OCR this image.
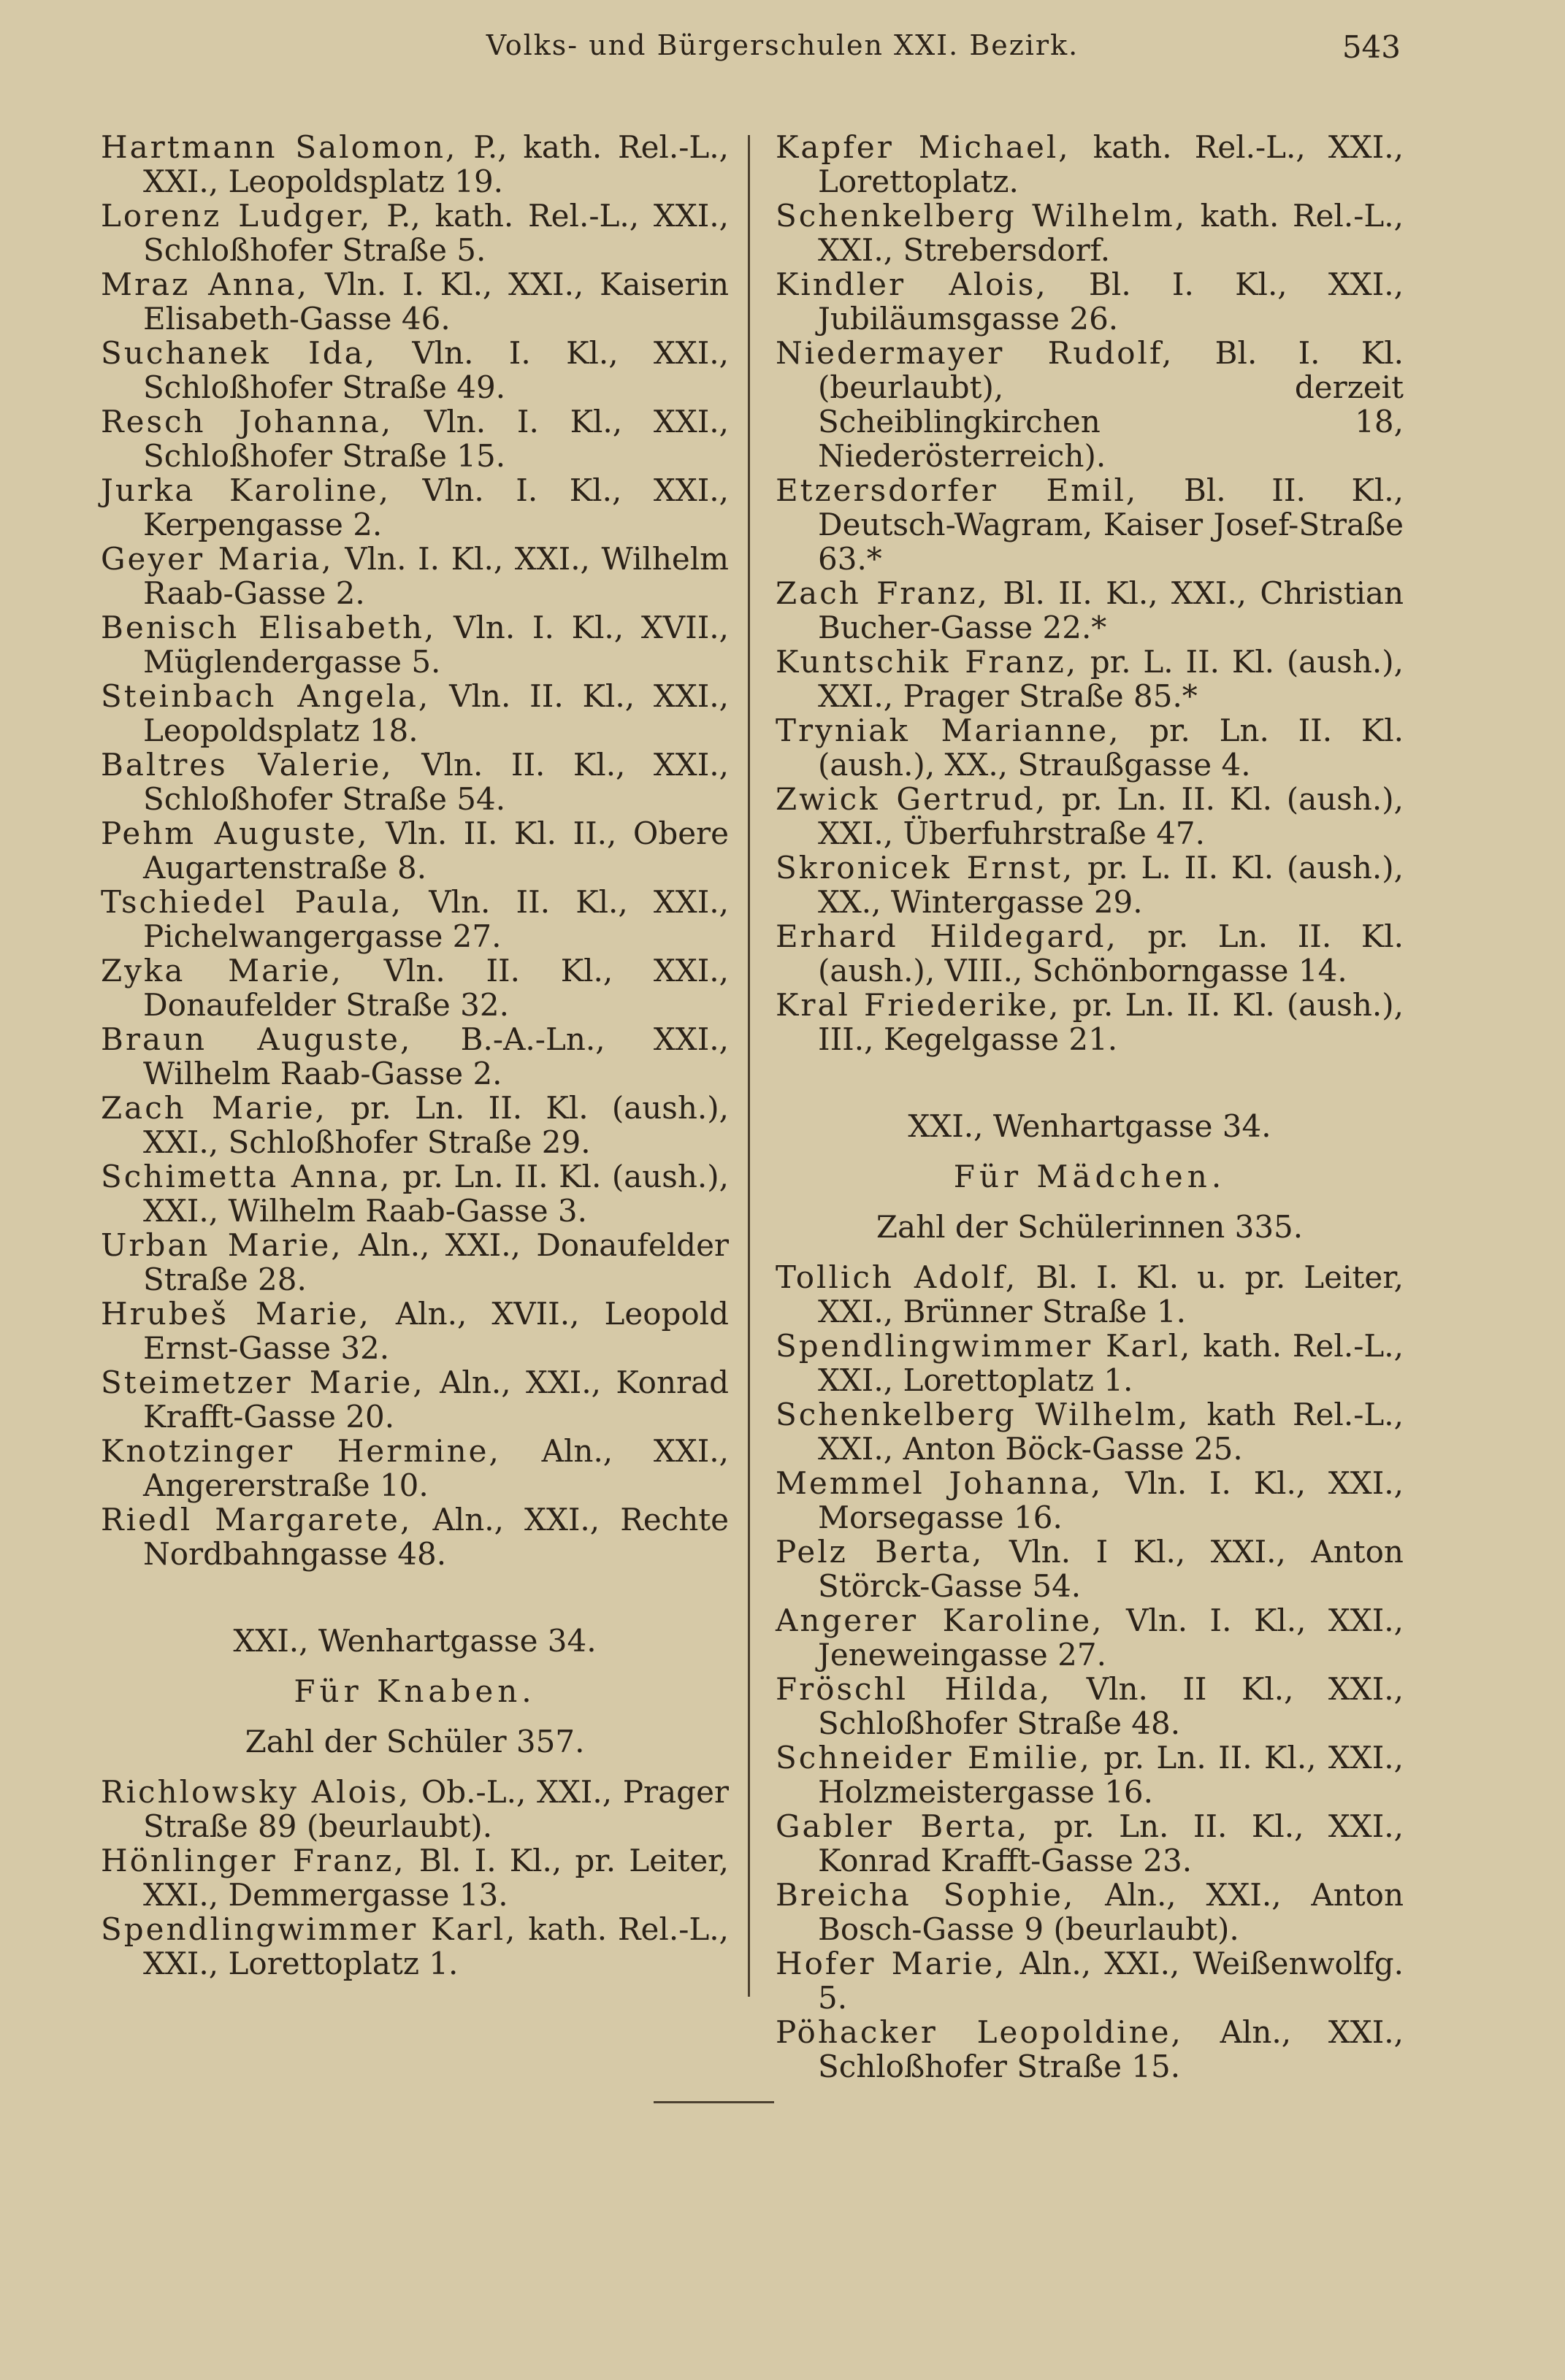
Volks- und Bürgerschulen XXI. Bezirk.	543
Hartmann Salomon, P., kath. Rel.-L., XXI., Leopoldsplatz 19.
Lorenz Ludger, P., kath. Rel.-L., XXI., Schloßhofer Straße 5.
Mraz Anna, Vln. I. Kl., XXI., Kaiserin Elisabeth-Gasse 46.
Suchanek Ida, Vln. I. Kl., XXI., Schloßhofer Straße 49.
Resch Johanna, Vln. I. Kl., XXI., Schloßhofer Straße 15.
Jurka Karoline, Vln. I. Kl., XXI., Kerpengasse 2.
Geyer Maria, Vln. I. Kl., XXI., Wilhelm Raab-Gasse 2.
Benisch Elisabeth, Vln. I. Kl., XVII., Müglendergasse 5.
Steinbach Angela, Vln. II. Kl., XXI., Leopoldsplatz 18.
Baltres Valerie, Vln. II. Kl., XXI., Schloßhofer Straße 54.
Pehm Auguste, Vln. II. Kl. II., Obere Augartenstraße 8.
Tschiedel Paula, Vln. II. Kl., XXI., Pichelwangergasse 27.
Zyka Marie, Vln. II. Kl., XXI., Donaufelder Straße 32.
Braun Auguste, B.-A.-Ln., XXI., Wilhelm Raab-Gasse 2.
Zach Marie, pr. Ln. II. Kl. (aush.), XXI., Schloßhofer Straße 29.
Schimetta Anna, pr. Ln. II. Kl. (aush.), XXI., Wilhelm Raab-Gasse 3.
Urban Marie, Aln., XXI., Donaufelder Straße 28.
Hrubeš Marie, Aln., XVII., Leopold Ernst-Gasse 32.
Steimetzer Marie, Aln., XXI., Konrad Krafft-Gasse 20.
Knotzinger Hermine, Aln., XXI., Angererstraße 10.
Riedl Margarete, Aln., XXI., Rechte Nordbahngasse 48.
XXI., Wenhartgasse 34.
Für Knaben.
Zahl der Schüler 357.
Richlowsky Alois, Ob.-L., XXI., Prager Straße 89 (beurlaubt).
Hönlinger Franz, Bl. I. Kl., pr. Leiter, XXI., Demmergasse 13.
Spendlingwimmer Karl, kath. Rel.-L., XXI., Lorettoplatz 1.
Kapfer Michael, kath. Rel.-L., XXI., Lorettoplatz.
Schenkelberg Wilhelm, kath. Rel.-L., XXI., Strebersdorf.
Kindler Alois, Bl. I. Kl., XXI., Jubiläumsgasse 26.
Niedermayer Rudolf, Bl. I. Kl. (beurlaubt), derzeit Scheiblingkirchen 18, Niederösterreich).
Etzersdorfer Emil, Bl. II. Kl., Deutsch-Wagram, Kaiser Josef-Straße 63.*
Zach Franz, Bl. II. Kl., XXI., Christian Bucher-Gasse 22.*
Kuntschik Franz, pr. L. II. Kl. (aush.), XXI., Prager Straße 85.*
Tryniak Marianne, pr. Ln. II. Kl. (aush.), XX., Straußgasse 4.
Zwick Gertrud, pr. Ln. II. Kl. (aush.), XXI., Überfuhrstraße 47.
Skronicek Ernst, pr. L. II. Kl. (aush.), XX., Wintergasse 29.
Erhard Hildegard, pr. Ln. II. Kl. (aush.), VIII., Schönborngasse 14.
Kral Friederike, pr. Ln. II. Kl. (aush.), III., Kegelgasse 21.
XXI., Wenhartgasse 34.
Für Mädchen.
Zahl der Schülerinnen 335.
Tollich Adolf, Bl. I. Kl. u. pr. Leiter, XXI., Brünner Straße 1.
Spendlingwimmer Karl, kath. Rel.-L., XXI., Lorettoplatz 1.
Schenkelberg Wilhelm, kath Rel.-L., XXI., Anton Böck-Gasse 25.
Memmel Johanna, Vln. I. Kl., XXI., Morsegasse 16.
Pelz Berta, Vln. I Kl., XXI., Anton Störck-Gasse 54.
Angerer Karoline, Vln. I. Kl., XXI., Jeneweingasse 27.
Fröschl Hilda, Vln. II Kl., XXI., Schloßhofer Straße 48.
Schneider Emilie, pr. Ln. II. Kl., XXI., Holzmeistergasse 16.
Gabler Berta, pr. Ln. II. Kl., XXI., Konrad Krafft-Gasse 23.
Breicha Sophie, Aln., XXI., Anton Bosch-Gasse 9 (beurlaubt).
Hofer Marie, Aln., XXI., Weißenwolfg. 5.
Pöhacker Leopoldine, Aln., XXI., Schloßhofer Straße 15.
